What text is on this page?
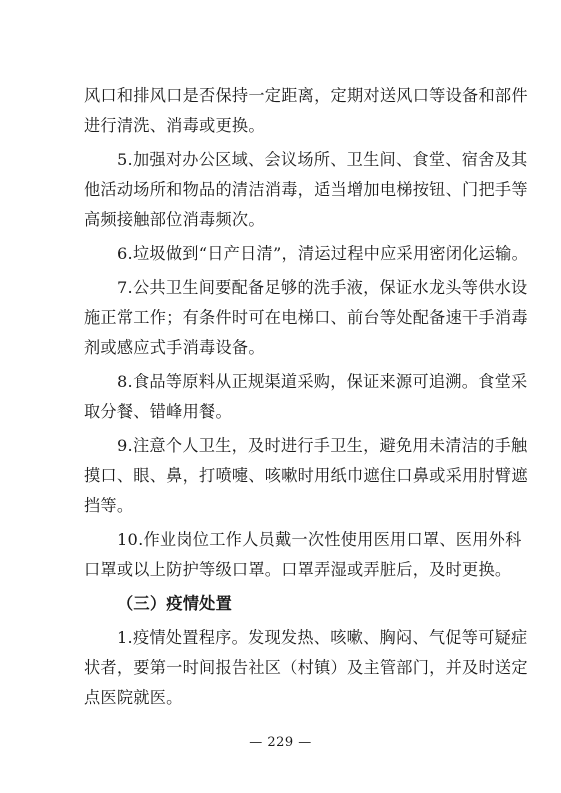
风口和排风口是否保持一定距离，定期对送风口等设备和部件
进行清洗、消毒或更换。
5.加强对办公区域、会议场所、卫生间、食堂、宿舍及其
他活动场所和物品的清洁消毒，适当增加电梯按钮、门把手等
高频接触部位消毒频次。
6.垃圾做到“日产日清”，清运过程中应采用密闭化运输。
7.公共卫生间要配备足够的洗手液，保证水龙头等供水设
施正常工作；有条件时可在电梯口、前台等处配备速干手消毒
剂或感应式手消毒设备。
8.食品等原料从正规渠道采购，保证来源可追溯。食堂采
取分餐、错峰用餐。
9.注意个人卫生，及时进行手卫生，避免用未清洁的手触
摸口、眼、鼻，打喷嚏、咳嗽时用纸巾遮住口鼻或采用肘臂遮
挡等。
10.作业岗位工作人员戴一次性使用医用口罩、医用外科
口罩或以上防护等级口罩。口罩弄湿或弄脏后，及时更换。
（三）疫情处置
1.疫情处置程序。发现发热、咳嗽、胸闷、气促等可疑症
状者，要第一时间报告社区（村镇）及主管部门，并及时送定
点医院就医。
— 229 —
